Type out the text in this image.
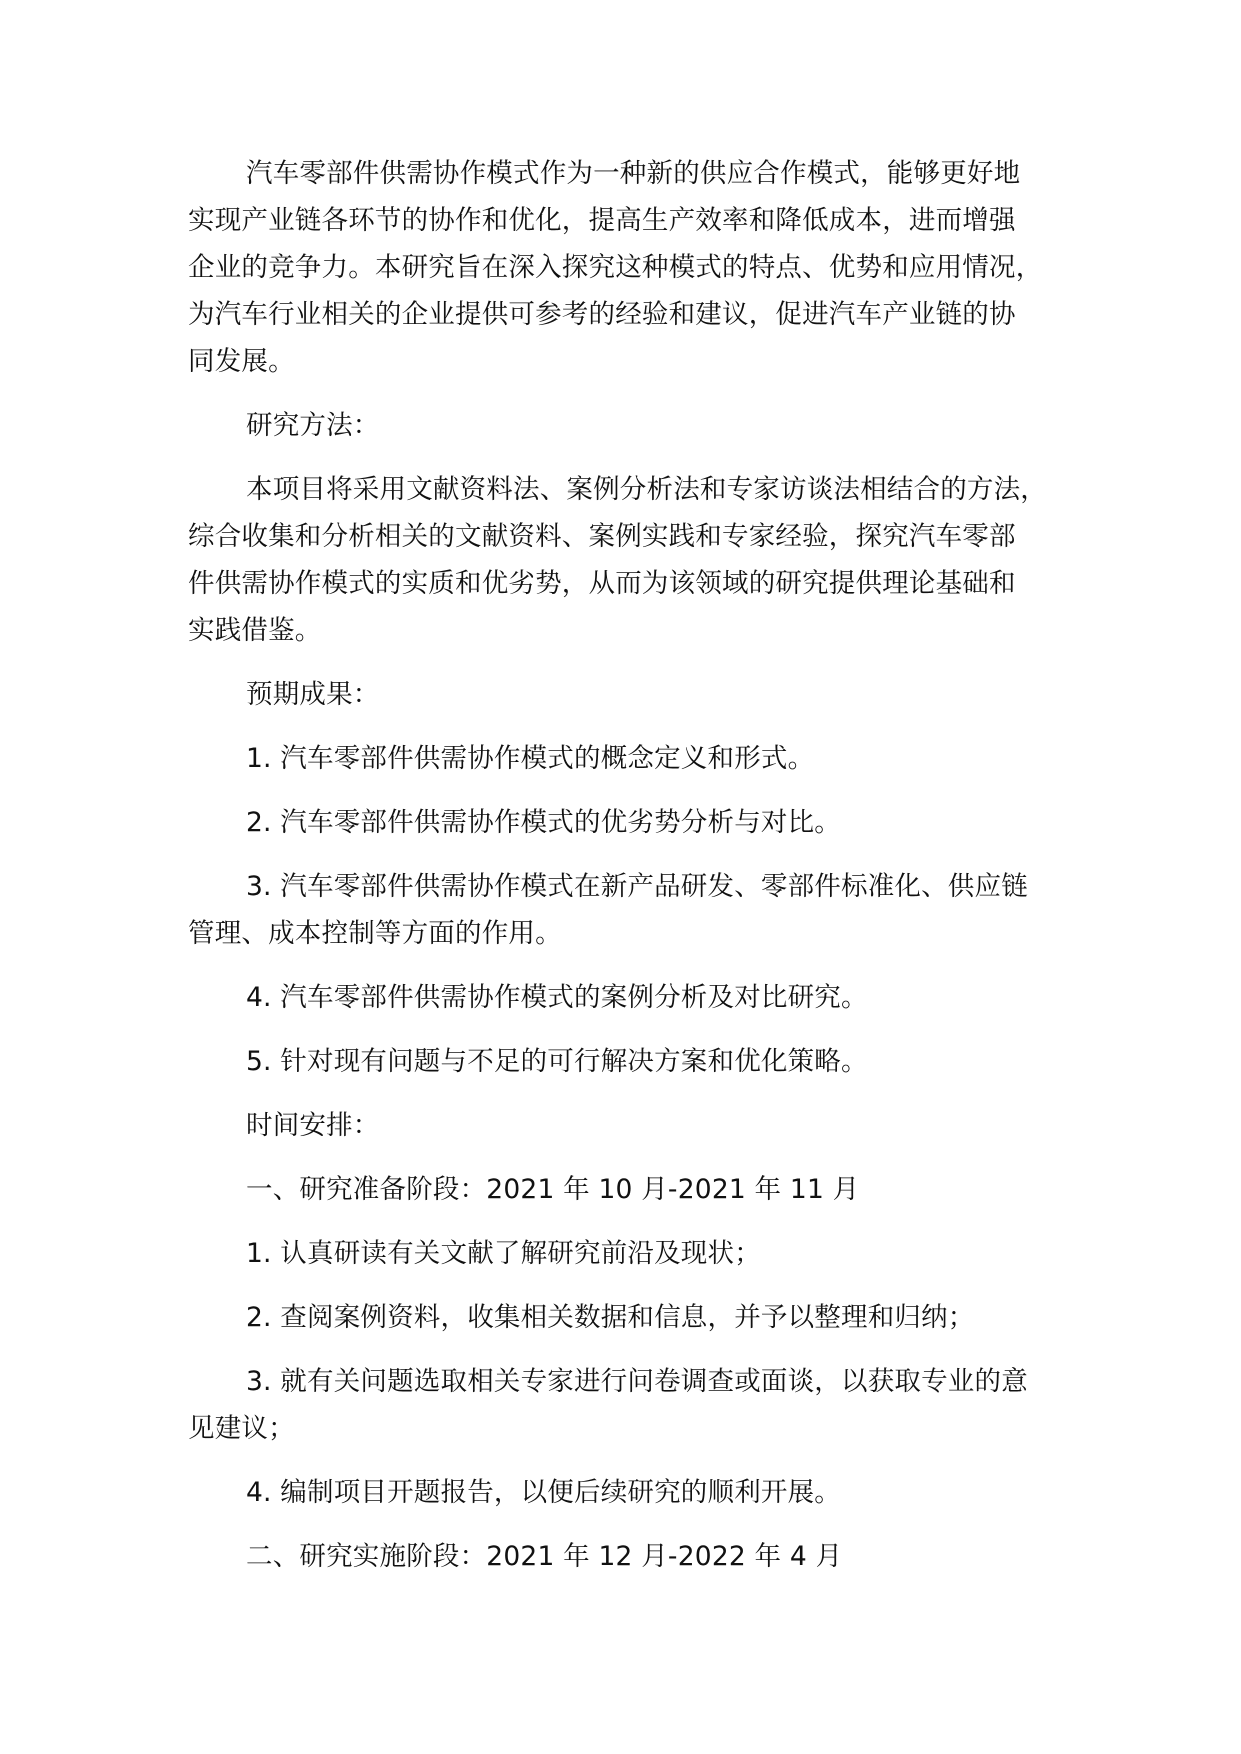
汽车零部件供需协作模式作为一种新的供应合作模式，能够更好地
实现产业链各环节的协作和优化，提高生产效率和降低成本，进而增强
企业的竞争力。本研究旨在深入探究这种模式的特点、优势和应用情况，
为汽车行业相关的企业提供可参考的经验和建议，促进汽车产业链的协
同发展。

研究方法：

本项目将采用文献资料法、案例分析法和专家访谈法相结合的方法，
综合收集和分析相关的文献资料、案例实践和专家经验，探究汽车零部
件供需协作模式的实质和优劣势，从而为该领域的研究提供理论基础和
实践借鉴。

预期成果：

1. 汽车零部件供需协作模式的概念定义和形式。

2. 汽车零部件供需协作模式的优劣势分析与对比。

3. 汽车零部件供需协作模式在新产品研发、零部件标准化、供应链
管理、成本控制等方面的作用。

4. 汽车零部件供需协作模式的案例分析及对比研究。

5. 针对现有问题与不足的可行解决方案和优化策略。

时间安排：

一、研究准备阶段：2021 年 10 月-2021 年 11 月

1. 认真研读有关文献了解研究前沿及现状；

2. 查阅案例资料，收集相关数据和信息，并予以整理和归纳；

3. 就有关问题选取相关专家进行问卷调查或面谈，以获取专业的意
见建议；

4. 编制项目开题报告，以便后续研究的顺利开展。

二、研究实施阶段：2021 年 12 月-2022 年 4 月
